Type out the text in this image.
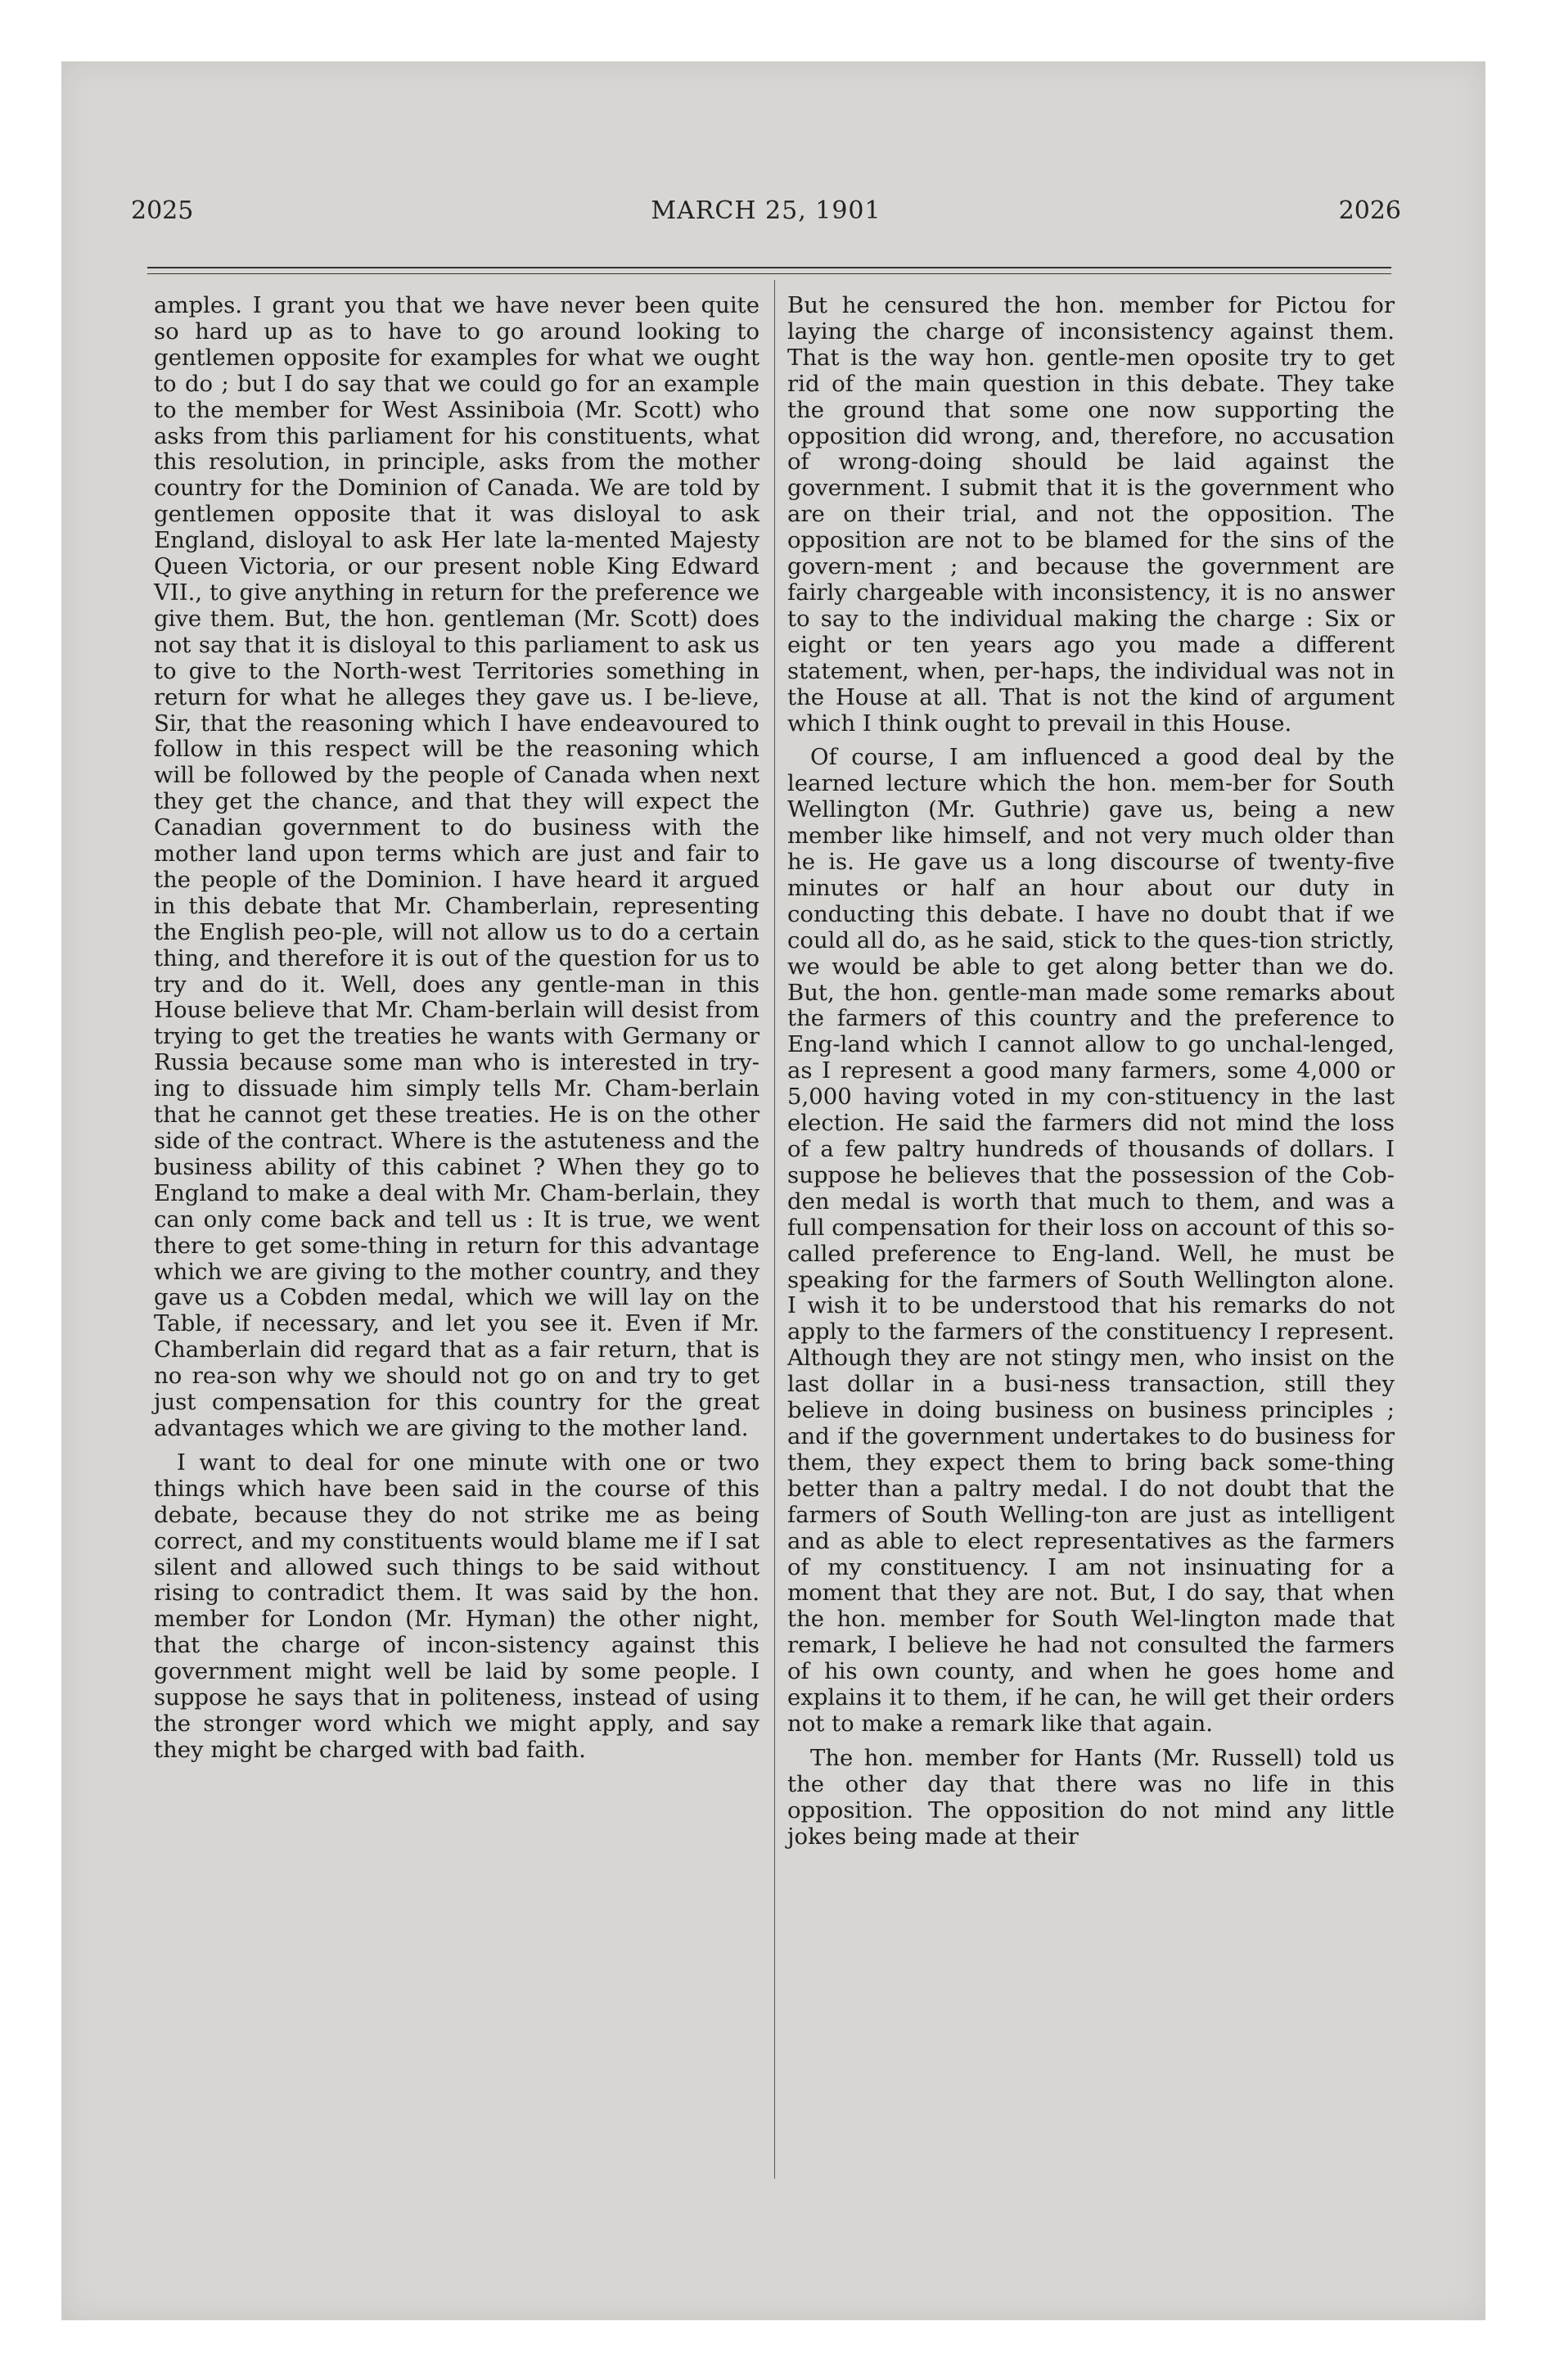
2025	MARCH 25, 1901	2026

amples. I grant you that we have never been quite so hard up as to have to go around looking to gentlemen opposite for examples for what we ought to do ; but I do say that we could go for an example to the member for West Assiniboia (Mr. Scott) who asks from this parliament for his constituents, what this resolution, in principle, asks from the mother country for the Dominion of Canada. We are told by gentlemen opposite that it was disloyal to ask England, disloyal to ask Her late la-mented Majesty Queen Victoria, or our present noble King Edward VII., to give anything in return for the preference we give them. But, the hon. gentleman (Mr. Scott) does not say that it is disloyal to this parliament to ask us to give to the North-west Territories something in return for what he alleges they gave us. I be-lieve, Sir, that the reasoning which I have endeavoured to follow in this respect will be the reasoning which will be followed by the people of Canada when next they get the chance, and that they will expect the Canadian government to do business with the mother land upon terms which are just and fair to the people of the Dominion. I have heard it argued in this debate that Mr. Chamberlain, representing the English peo-ple, will not allow us to do a certain thing, and therefore it is out of the question for us to try and do it. Well, does any gentle-man in this House believe that Mr. Cham-berlain will desist from trying to get the treaties he wants with Germany or Russia because some man who is interested in try-ing to dissuade him simply tells Mr. Cham-berlain that he cannot get these treaties. He is on the other side of the contract. Where is the astuteness and the business ability of this cabinet ? When they go to England to make a deal with Mr. Cham-berlain, they can only come back and tell us : It is true, we went there to get some-thing in return for this advantage which we are giving to the mother country, and they gave us a Cobden medal, which we will lay on the Table, if necessary, and let you see it. Even if Mr. Chamberlain did regard that as a fair return, that is no rea-son why we should not go on and try to get just compensation for this country for the great advantages which we are giving to the mother land.

I want to deal for one minute with one or two things which have been said in the course of this debate, because they do not strike me as being correct, and my constituents would blame me if I sat silent and allowed such things to be said without rising to contradict them. It was said by the hon. member for London (Mr. Hyman) the other night, that the charge of incon-sistency against this government might well be laid by some people. I suppose he says that in politeness, instead of using the stronger word which we might apply, and say they might be charged with bad faith.

But he censured the hon. member for Pictou for laying the charge of inconsistency against them. That is the way hon. gentle-men oposite try to get rid of the main question in this debate. They take the ground that some one now supporting the opposition did wrong, and, therefore, no accusation of wrong-doing should be laid against the government. I submit that it is the government who are on their trial, and not the opposition. The opposition are not to be blamed for the sins of the govern-ment ; and because the government are fairly chargeable with inconsistency, it is no answer to say to the individual making the charge : Six or eight or ten years ago you made a different statement, when, per-haps, the individual was not in the House at all. That is not the kind of argument which I think ought to prevail in this House.

Of course, I am influenced a good deal by the learned lecture which the hon. mem-ber for South Wellington (Mr. Guthrie) gave us, being a new member like himself, and not very much older than he is. He gave us a long discourse of twenty-five minutes or half an hour about our duty in conducting this debate. I have no doubt that if we could all do, as he said, stick to the ques-tion strictly, we would be able to get along better than we do. But, the hon. gentle-man made some remarks about the farmers of this country and the preference to Eng-land which I cannot allow to go unchal-lenged, as I represent a good many farmers, some 4,000 or 5,000 having voted in my con-stituency in the last election. He said the farmers did not mind the loss of a few paltry hundreds of thousands of dollars. I suppose he believes that the possession of the Cob-den medal is worth that much to them, and was a full compensation for their loss on account of this so-called preference to Eng-land. Well, he must be speaking for the farmers of South Wellington alone. I wish it to be understood that his remarks do not apply to the farmers of the constituency I represent. Although they are not stingy men, who insist on the last dollar in a busi-ness transaction, still they believe in doing business on business principles ; and if the government undertakes to do business for them, they expect them to bring back some-thing better than a paltry medal. I do not doubt that the farmers of South Welling-ton are just as intelligent and as able to elect representatives as the farmers of my constituency. I am not insinuating for a moment that they are not. But, I do say, that when the hon. member for South Wel-lington made that remark, I believe he had not consulted the farmers of his own county, and when he goes home and explains it to them, if he can, he will get their orders not to make a remark like that again.

The hon. member for Hants (Mr. Russell) told us the other day that there was no life in this opposition. The opposition do not mind any little jokes being made at their
